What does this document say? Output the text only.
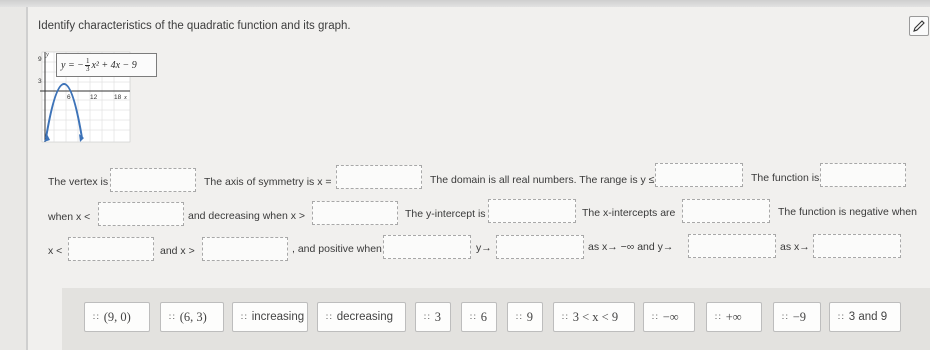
Identify characteristics of the quadratic function and its graph.
9
3
y
6	12	18 x
y = − $\frac{1}{3} x^2 + 4x - 9$
The vertex is	The axis of symmetry is x =	The domain is all real numbers. The range is y ≤	The function is
when x <	and decreasing when x >	The y-intercept is	The x-intercepts are	The function is negative when
x <	and x >	, and positive when	y→	as x→ −∞ and y→	as x→
∷ (9, 0)	∷ (6, 3)	∷ increasing ∷ decreasing	∷ 3	∷ 6	∷ 9	∷ 3 < x < 9	∷ −∞	∷ +∞	∷ −9	∷ 3 and 9
